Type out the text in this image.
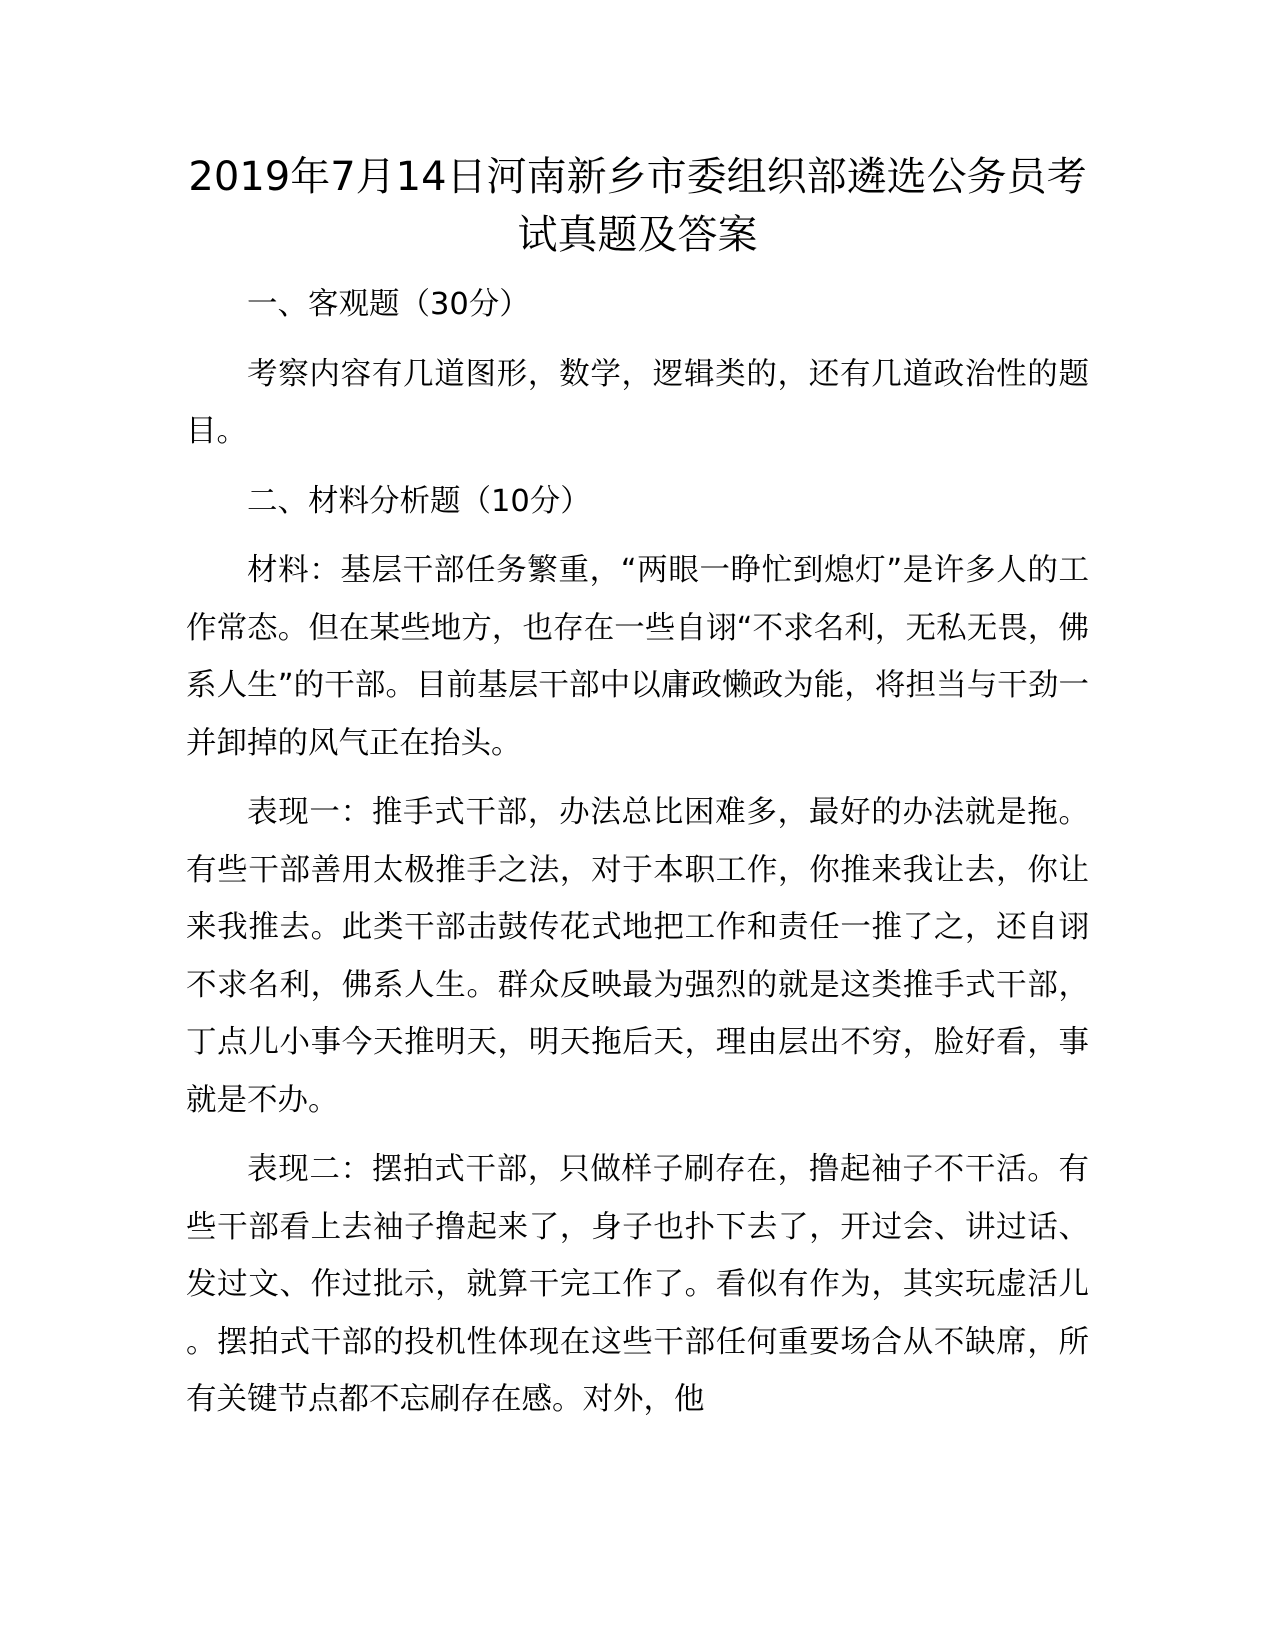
2019年7月14日河南新乡市委组织部遴选公务员考试真题及答案

一、客观题（30分）

考察内容有几道图形，数学，逻辑类的，还有几道政治性的题目。

二、材料分析题（10分）

材料：基层干部任务繁重，“两眼一睁忙到熄灯”是许多人的工作常态。但在某些地方，也存在一些自诩“不求名利，无私无畏，佛系人生”的干部。目前基层干部中以庸政懒政为能，将担当与干劲一并卸掉的风气正在抬头。

表现一：推手式干部，办法总比困难多，最好的办法就是拖。有些干部善用太极推手之法，对于本职工作，你推来我让去，你让来我推去。此类干部击鼓传花式地把工作和责任一推了之，还自诩不求名利，佛系人生。群众反映最为强烈的就是这类推手式干部，丁点儿小事今天推明天，明天拖后天，理由层出不穷，脸好看，事就是不办。

表现二：摆拍式干部，只做样子刷存在，撸起袖子不干活。有些干部看上去袖子撸起来了，身子也扑下去了，开过会、讲过话、发过文、作过批示，就算干完工作了。看似有作为，其实玩虚活儿。摆拍式干部的投机性体现在这些干部任何重要场合从不缺席，所有关键节点都不忘刷存在感。对外，他
